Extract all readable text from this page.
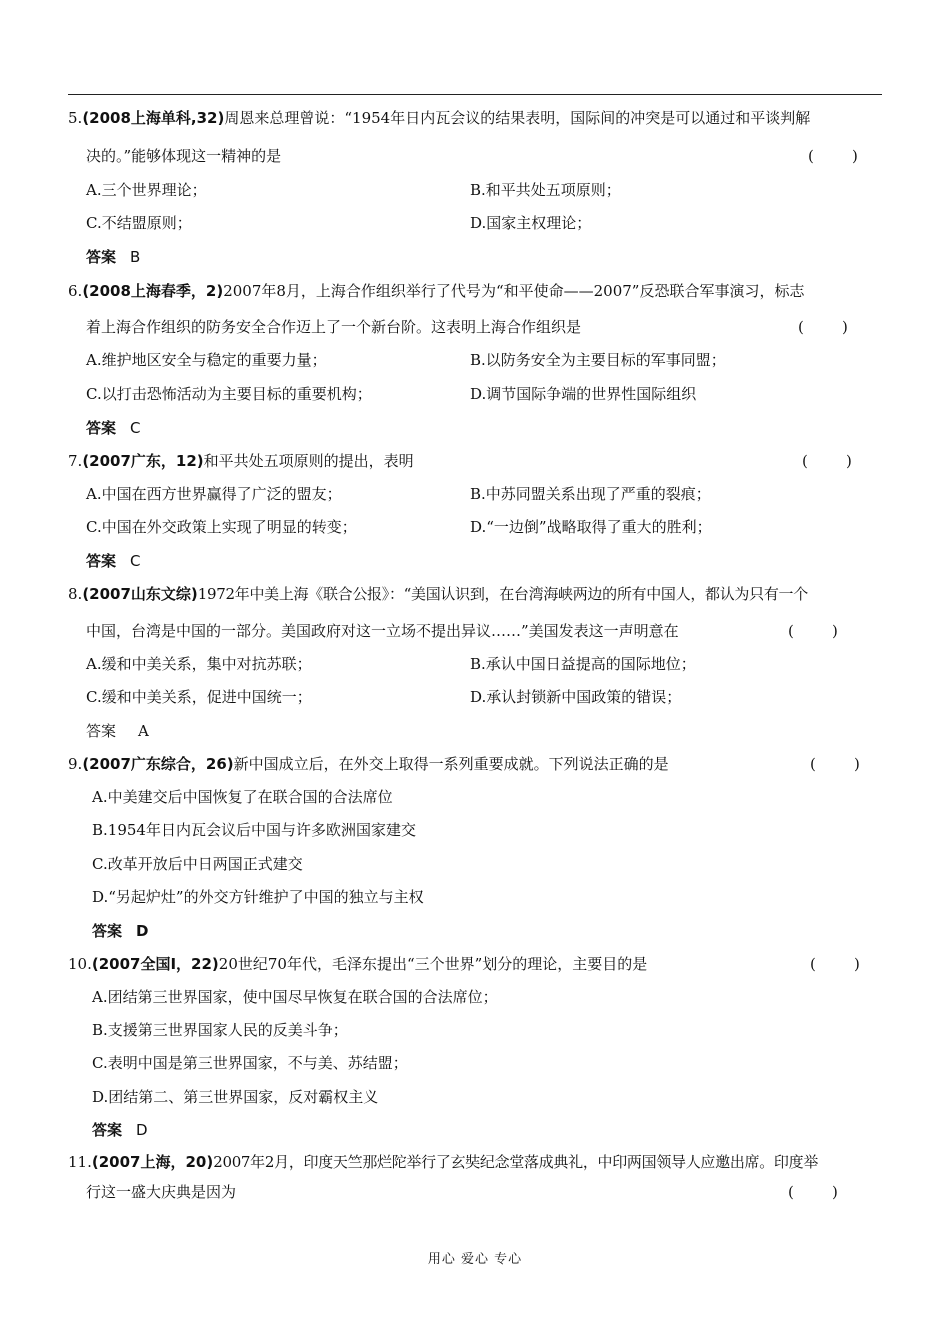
5.(2008上海单科,32)周恩来总理曾说：“1954年日内瓦会议的结果表明，国际间的冲突是可以通过和平谈判解
决的。”能够体现这一精神的是	(        )
A.三个世界理论；	B.和平共处五项原则；
C.不结盟原则；	D.国家主权理论；
答案 B
6.(2008上海春季，2)2007年8月，上海合作组织举行了代号为“和平使命——2007”反恐联合军事演习，标志
着上海合作组织的防务安全合作迈上了一个新台阶。这表明上海合作组织是	(        )
A.维护地区安全与稳定的重要力量；	B.以防务安全为主要目标的军事同盟；
C.以打击恐怖活动为主要目标的重要机构；	D.调节国际争端的世界性国际组织
答案 C
7.(2007广东，12)和平共处五项原则的提出，表明	(        )
A.中国在西方世界赢得了广泛的盟友；	B.中苏同盟关系出现了严重的裂痕；
C.中国在外交政策上实现了明显的转变；	D.“一边倒”战略取得了重大的胜利；
答案 C
8.(2007山东文综)1972年中美上海《联合公报》：“美国认识到，在台湾海峡两边的所有中国人，都认为只有一个
中国，台湾是中国的一部分。美国政府对这一立场不提出异议……”美国发表这一声明意在	(        )
A.缓和中美关系，集中对抗苏联；	B.承认中国日益提高的国际地位；
C.缓和中美关系，促进中国统一；	D.承认封锁新中国政策的错误；
答案 A
9.(2007广东综合，26)新中国成立后，在外交上取得一系列重要成就。下列说法正确的是	(        )
A.中美建交后中国恢复了在联合国的合法席位
B.1954年日内瓦会议后中国与许多欧洲国家建交
C.改革开放后中日两国正式建交
D.“另起炉灶”的外交方针维护了中国的独立与主权
答案 D
10.(2007全国Ⅰ，22)20世纪70年代，毛泽东提出“三个世界”划分的理论，主要目的是	(        )
A.团结第三世界国家，使中国尽早恢复在联合国的合法席位；
B.支援第三世界国家人民的反美斗争；
C.表明中国是第三世界国家，不与美、苏结盟；
D.团结第二、第三世界国家，反对霸权主义
答案 D
11.(2007上海，20)2007年2月，印度天竺那烂陀举行了玄奘纪念堂落成典礼，中印两国领导人应邀出席。印度举
行这一盛大庆典是因为	(        )
用心 爱心 专心
